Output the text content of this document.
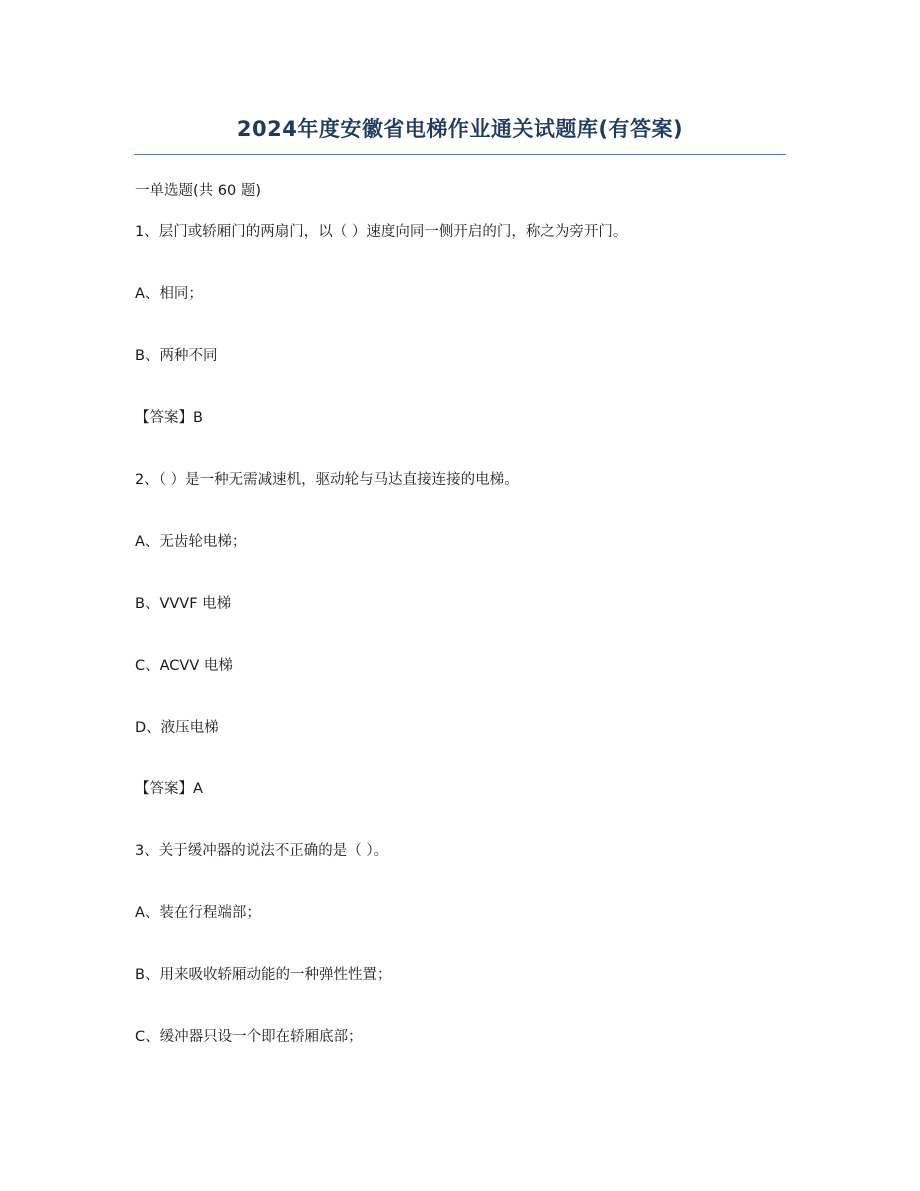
2024年度安徽省电梯作业通关试题库(有答案)
一单选题(共 60 题)
1、层门或轿厢门的两扇门，以（ ）速度向同一侧开启的门，称之为旁开门。
A、相同；
B、两种不同
【答案】B
2、（ ）是一种无需减速机，驱动轮与马达直接连接的电梯。
A、无齿轮电梯；
B、VVVF 电梯
C、ACVV 电梯
D、液压电梯
【答案】A
3、关于缓冲器的说法不正确的是（ ）。
A、装在行程端部；
B、用来吸收轿厢动能的一种弹性性置；
C、缓冲器只设一个即在轿厢底部；
